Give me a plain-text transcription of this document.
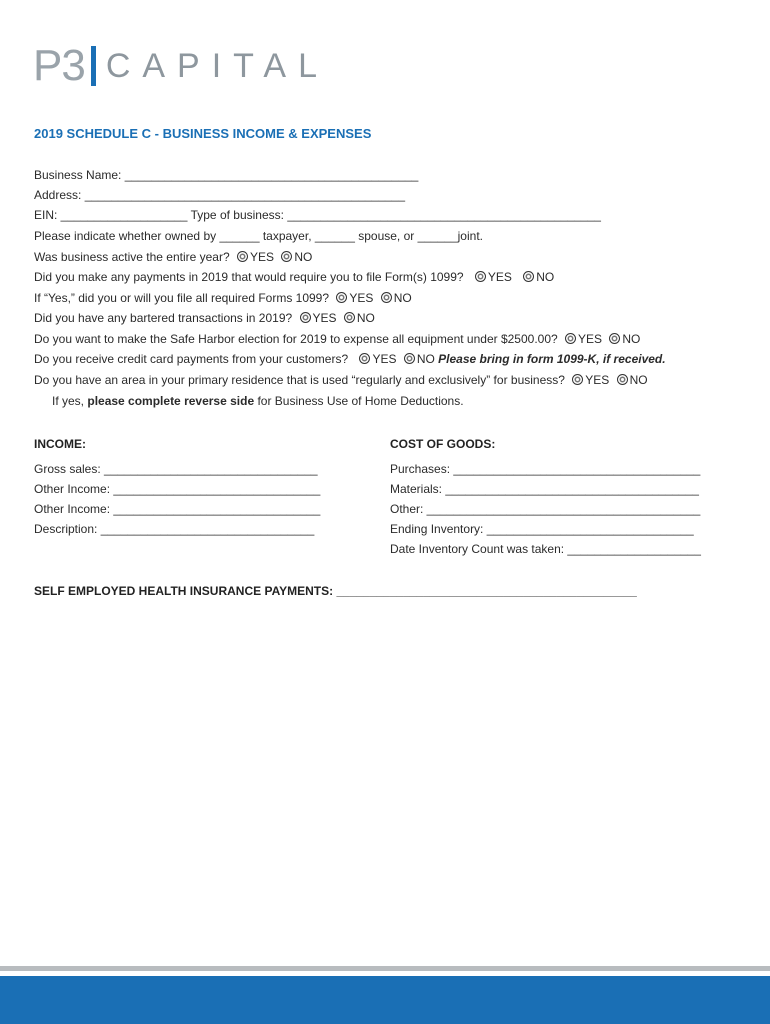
P3 CAPITAL
2019 SCHEDULE C - BUSINESS INCOME & EXPENSES
Business Name: ____________________________________________
Address: ________________________________________________
EIN: ___________________ Type of business: _______________________________________________
Please indicate whether owned by ______ taxpayer, ______ spouse, or ______joint.
Was business active the entire year? YES NO
Did you make any payments in 2019 that would require you to file Form(s) 1099? YES NO
If “Yes,” did you or will you file all required Forms 1099? YES NO
Did you have any bartered transactions in 2019? YES NO
Do you want to make the Safe Harbor election for 2019 to expense all equipment under $2500.00? YES NO
Do you receive credit card payments from your customers? YES NO Please bring in form 1099-K, if received.
Do you have an area in your primary residence that is used “regularly and exclusively” for business? YES NO
If yes, please complete reverse side for Business Use of Home Deductions.
INCOME:
Gross sales: ________________________________
Other Income: _______________________________
Other Income: _______________________________
Description: ________________________________
COST OF GOODS:
Purchases: _____________________________________
Materials: ______________________________________
Other: _________________________________________
Ending Inventory: _______________________________
Date Inventory Count was taken: ____________________
SELF EMPLOYED HEALTH INSURANCE PAYMENTS: _____________________________________________
